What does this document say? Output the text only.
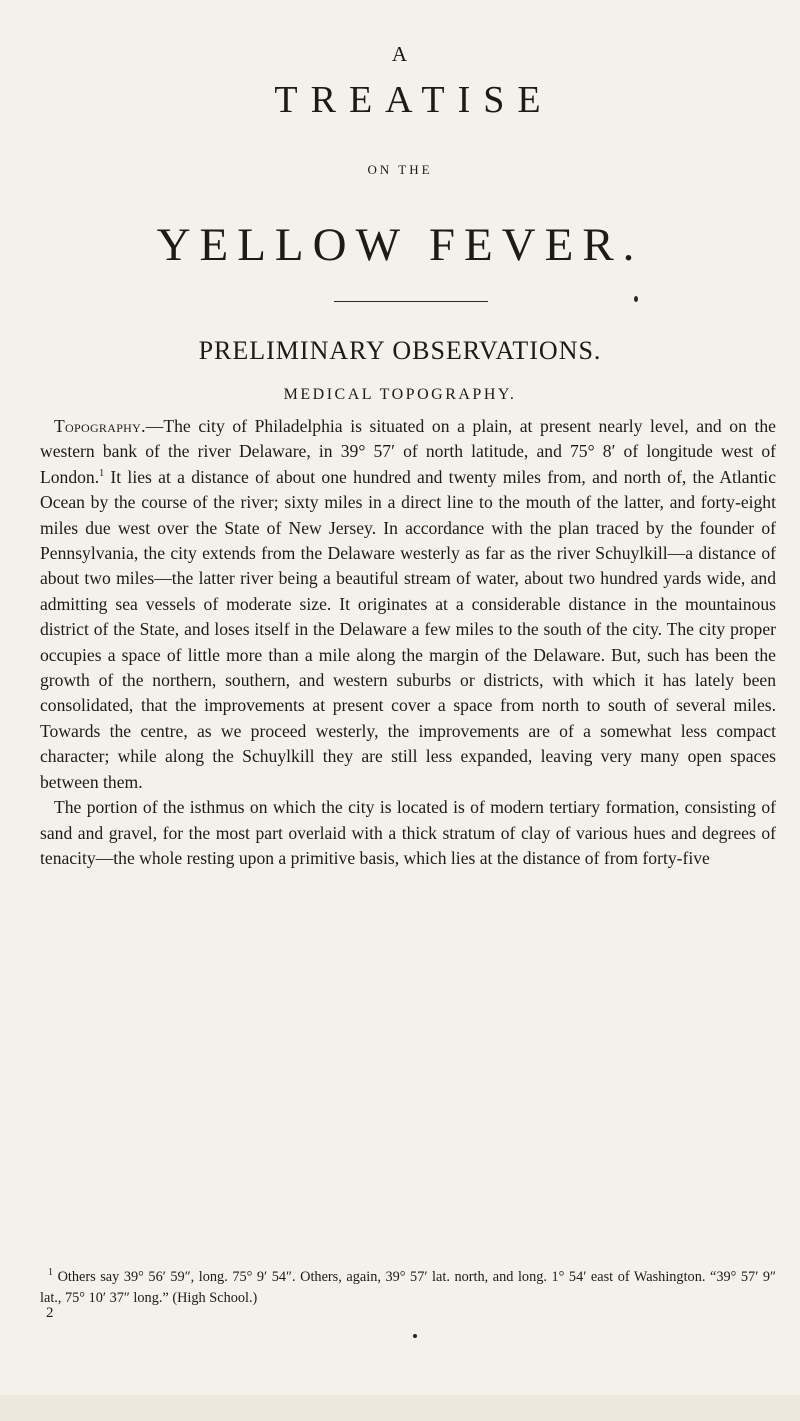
A
TREATISE
ON THE
YELLOW FEVER.
PRELIMINARY OBSERVATIONS.
MEDICAL TOPOGRAPHY.

Topography.—The city of Philadelphia is situated on a plain, at present nearly level, and on the western bank of the river Delaware, in 39° 57′ of north latitude, and 75° 8′ of longitude west of London.$^1$ It lies at a distance of about one hundred and twenty miles from, and north of, the Atlantic Ocean by the course of the river; sixty miles in a direct line to the mouth of the latter, and forty-eight miles due west over the State of New Jersey. In accordance with the plan traced by the founder of Pennsylvania, the city extends from the Delaware westerly as far as the river Schuylkill—a distance of about two miles—the latter river being a beautiful stream of water, about two hundred yards wide, and admitting sea vessels of moderate size. It originates at a considerable distance in the mountainous district of the State, and loses itself in the Delaware a few miles to the south of the city. The city proper occupies a space of little more than a mile along the margin of the Delaware. But, such has been the growth of the northern, southern, and western suburbs or districts, with which it has lately been consolidated, that the improvements at present cover a space from north to south of several miles. Towards the centre, as we proceed westerly, the improvements are of a somewhat less compact character; while along the Schuylkill they are still less expanded, leaving very many open spaces between them.

The portion of the isthmus on which the city is located is of modern tertiary formation, consisting of sand and gravel, for the most part overlaid with a thick stratum of clay of various hues and degrees of tenacity—the whole resting upon a primitive basis, which lies at the distance of from forty-five

$^1$ Others say 39° 56′ 59″, long. 75° 9′ 54″. Others, again, 39° 57′ lat. north, and long. 1° 54′ east of Washington. “39° 57′ 9″ lat., 75° 10′ 37″ long.” (High School.)

2
